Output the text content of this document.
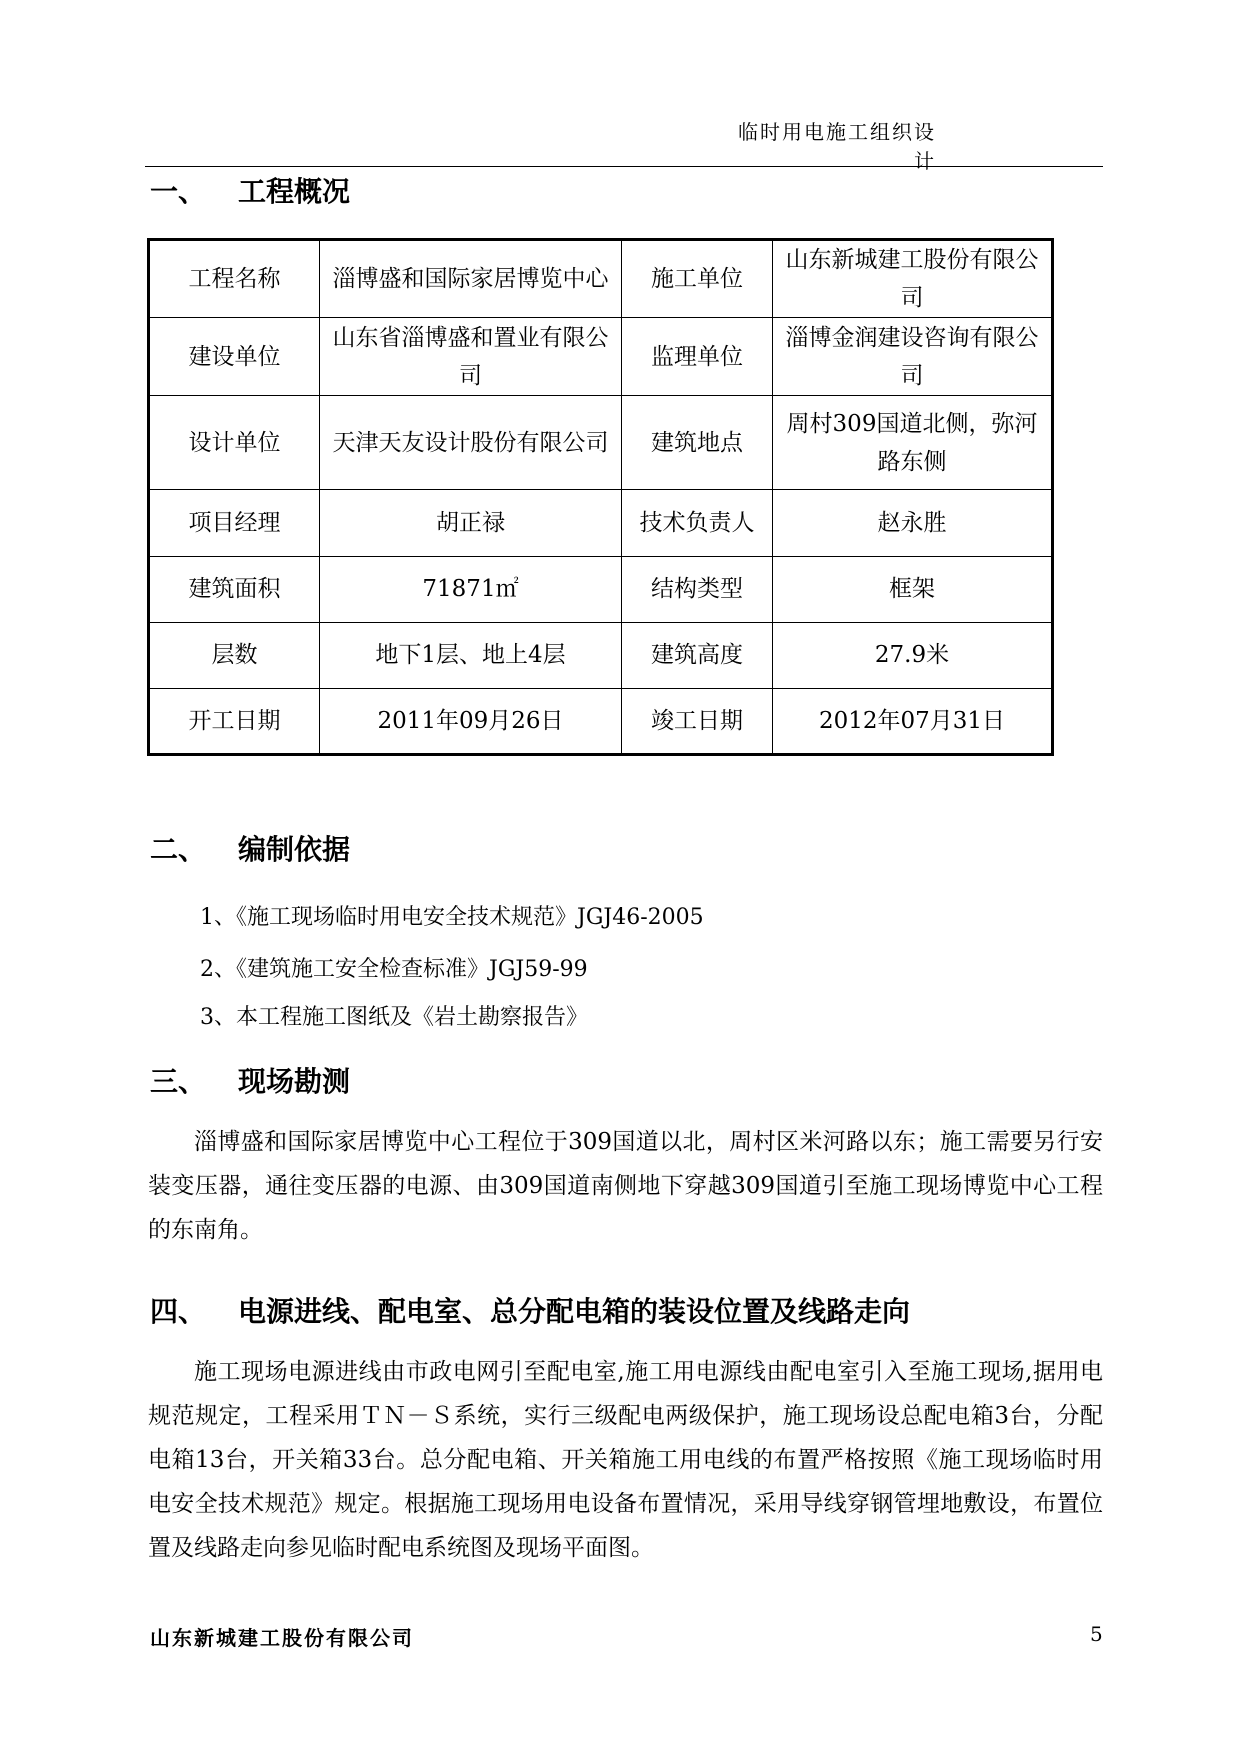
临时用电施工组织设计
一、 工程概况
工程名称	淄博盛和国际家居博览中心	施工单位	山东新城建工股份有限公司
建设单位	山东省淄博盛和置业有限公司	监理单位	淄博金润建设咨询有限公司
设计单位	天津天友设计股份有限公司	建筑地点	周村309国道北侧，弥河路东侧
项目经理	胡正禄	技术负责人	赵永胜
建筑面积	71871㎡	结构类型	框架
层数	地下1层、地上4层	建筑高度	27.9米
开工日期	2011年09月26日	竣工日期	2012年07月31日
二、 编制依据
1、《施工现场临时用电安全技术规范》JGJ46-2005
2、《建筑施工安全检查标准》JGJ59-99
3、本工程施工图纸及《岩土勘察报告》
三、 现场勘测
淄博盛和国际家居博览中心工程位于309国道以北，周村区米河路以东；施工需要另行安装变压器，通往变压器的电源、由309国道南侧地下穿越309国道引至施工现场博览中心工程的东南角。
四、 电源进线、配电室、总分配电箱的装设位置及线路走向
施工现场电源进线由市政电网引至配电室,施工用电源线由配电室引入至施工现场,据用电规范规定，工程采用ＴＮ－Ｓ系统，实行三级配电两级保护，施工现场设总配电箱3台，分配电箱13台，开关箱33台。总分配电箱、开关箱施工用电线的布置严格按照《施工现场临时用电安全技术规范》规定。根据施工现场用电设备布置情况，采用导线穿钢管埋地敷设，布置位置及线路走向参见临时配电系统图及现场平面图。
山东新城建工股份有限公司	5
